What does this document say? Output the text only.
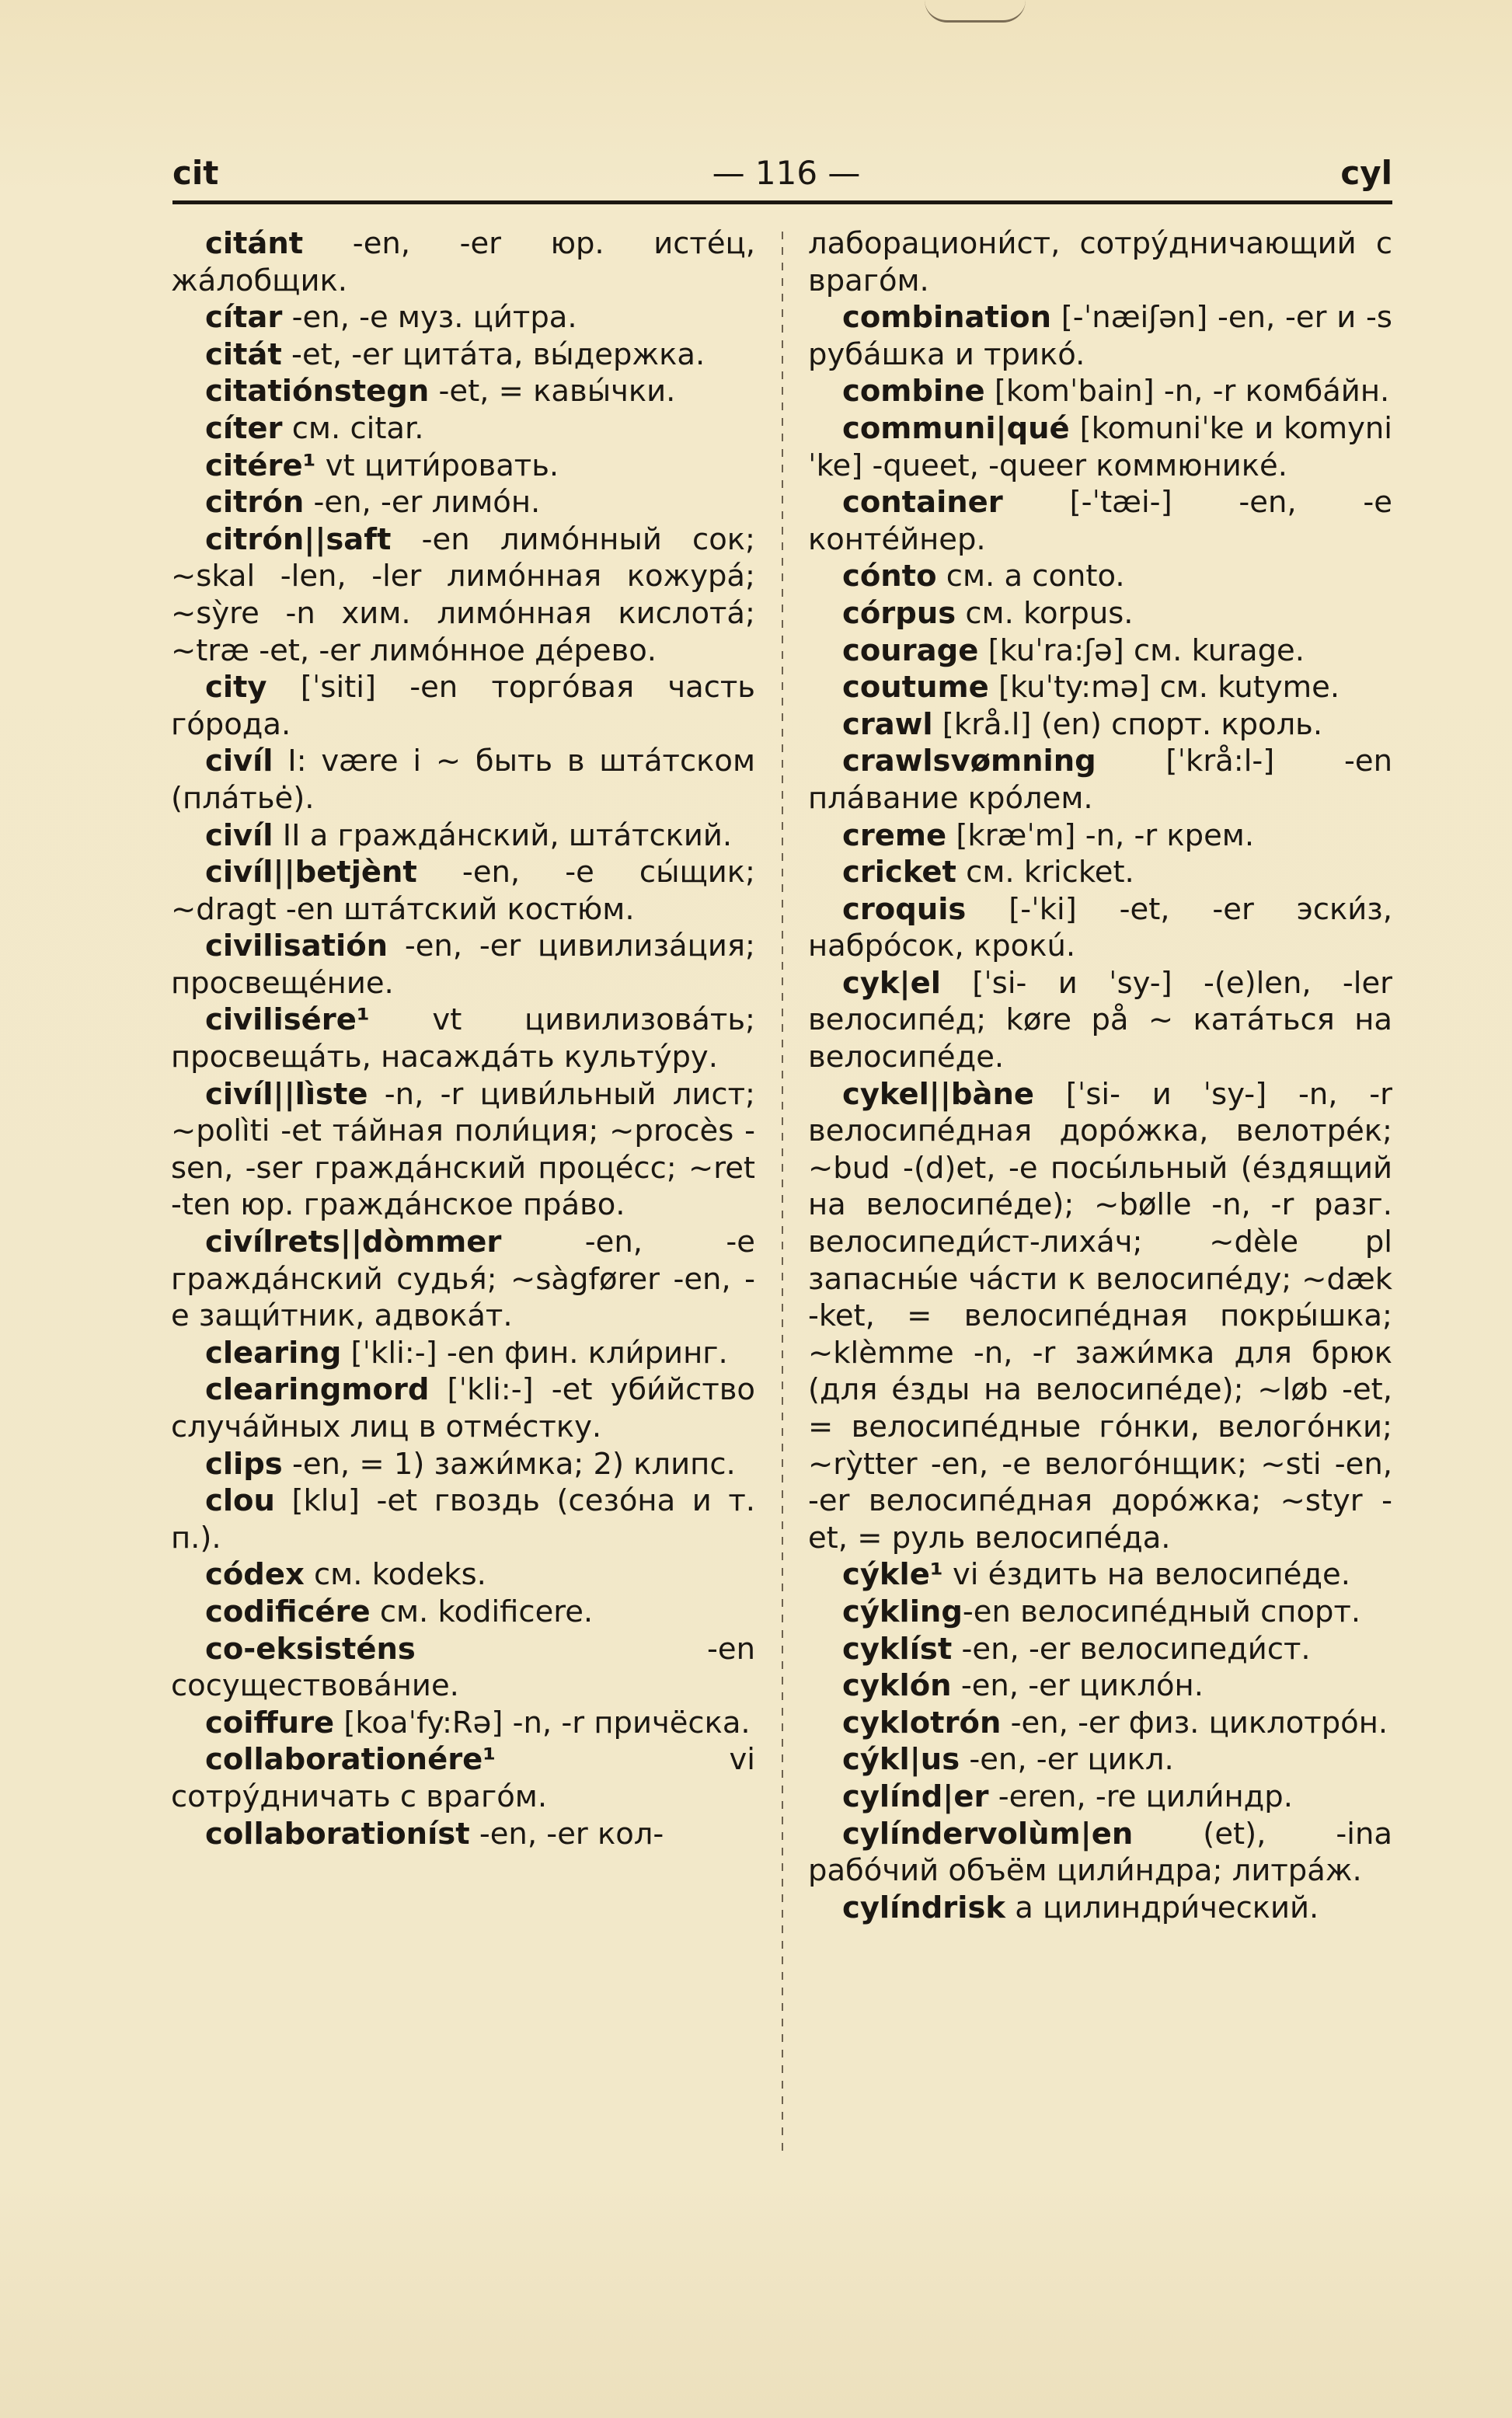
cit	— 116 —	cyl

citánt -en, -er юр. истéц, жáлобщик.

cítar -en, -e муз. ци́тра.

citát -et, -er цитáта, вы́держка.

citatiónstegn -et, = кавы́чки.

cíter см. citar.

citére¹ vt цити́ровать.

citrón -en, -er лимóн.

citrón||saft -en лимóнный сок; ~skal -len, -ler лимóнная кожурá; ~sỳre -n хим. лимóнная кислотá; ~træ -et, -er лимóнное дéрево.

city [ˈsiti] -en торгóвая часть гóрода.

civíl I: være i ~ быть в штáтском (плáтье̇).

civíl II a граждáнский, штáтский.

civíl||betjènt -en, -e сы́щик; ~dragt -en штáтский костю́м.

civilisatión -en, -er цивилизáция; просвещéние.

civilisére¹ vt цивилизовáть; просвещáть, насаждáть культýру.

civíl||lìste -n, -r циви́льный лист; ~polìti -et тáйная поли́ция; ~procès -sen, -ser граждáнский процéсс; ~ret -ten юр. граждáнское прáво.

civílrets||dòmmer -en, -e граждáнский судья́; ~sàgfører -en, -e защи́тник, адвокáт.

clearing [ˈkli:-] -en фин. кли́ринг.

clearingmord [ˈkli:-] -et уби́йство случáйных лиц в отмéстку.

clips -en, = 1) зажи́мка; 2) клипс.

clou [klu] -et гвоздь (сезóна и т. п.).

códex см. kodeks.

codificére см. kodificere.

co-eksisténs -en сосуществовáние.

coiffure [koaˈfy:Rə] -n, -r причёска.

collaborationére¹ vi сотрýдничать с врагóм.

collaborationíst -en, -er кол-

лаборациони́ст, сотрýдничающий с врагóм.

combination [-ˈnæiʃən] -en, -er и -s рубáшка и трикó.

combine [komˈbain] -n, -r комбáйн.

communi|qué [komuniˈke и komyniˈke] -queet, -queer коммюникé.

container [-ˈtæi-] -en, -e контéйнер.

cónto см. a conto.

córpus см. korpus.

courage [kuˈra:ʃə] см. kurage.

coutume [kuˈty:mə] см. kutyme.

crawl [krå.l] (en) спорт. кроль.

crawlsvømning [ˈkrå:l-] -en плáвание крóлем.

creme [kræˈm] -n, -r крем.

cricket см. kricket.

croquis [-ˈki] -et, -er эски́з, набрóсок, крокú.

cyk|el [ˈsi- и ˈsy-] -(e)len, -ler велосипéд; køre på ~ катáться на велосипéде.

cykel||bàne [ˈsi- и ˈsy-] -n, -r велосипéдная дорóжка, велотрéк; ~bud -(d)et, -e посы́льный (éздящий на велосипéде); ~bølle -n, -r разг. велосипеди́ст-лихáч; ~dèle pl запасны́е чáсти к велосипéду; ~dæk -ket, = велосипéдная покры́шка; ~klèmme -n, -r зажи́мка для брюк (для éзды на велосипéде); ~løb -et, = велосипéдные гóнки, велогóнки; ~rỳtter -en, -e велогóнщик; ~sti -en, -er велосипéдная дорóжка; ~styr -et, = руль велосипéда.

cýkle¹ vi éздить на велосипéде.

cýkling-en велосипéдный спорт.

cyklíst -en, -er велосипеди́ст.

cyklón -en, -er циклóн.

cyklotrón -en, -er физ. циклотрóн.

cýkl|us -en, -er цикл.

cylínd|er -eren, -re цили́ндр.

cylíndervolùm|en (et), -ina рабóчий объём цили́ндра; литрáж.

cylíndrisk a цилиндри́ческий.
